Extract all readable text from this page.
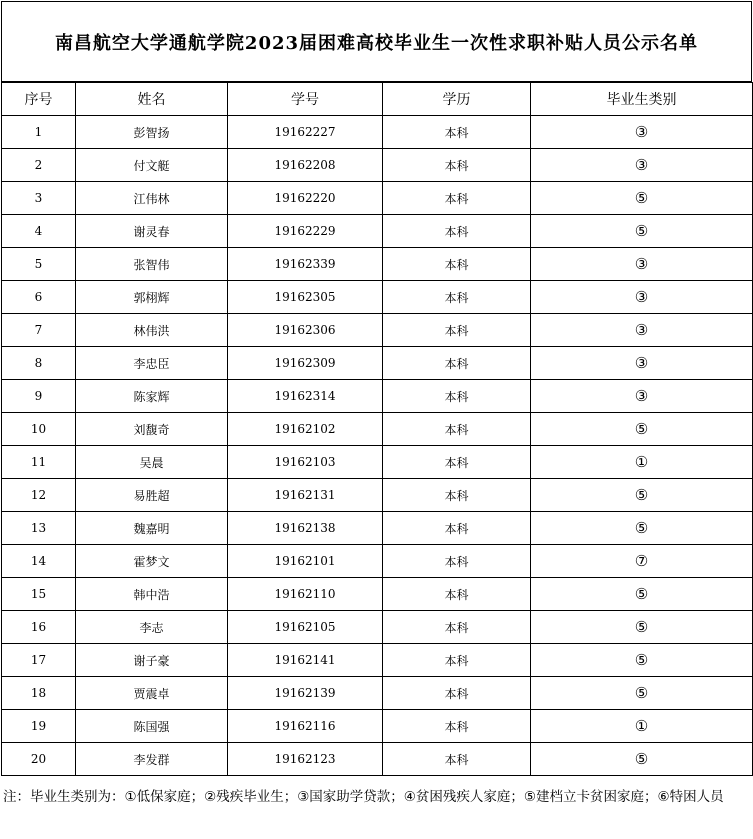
南昌航空大学通航学院2023届困难高校毕业生一次性求职补贴人员公示名单
序号	姓名	学号	学历	毕业生类别
1	彭智扬	19162227	本科	③
2	付文艇	19162208	本科	③
3	江伟林	19162220	本科	⑤
4	谢灵春	19162229	本科	⑤
5	张智伟	19162339	本科	③
6	郭栩辉	19162305	本科	③
7	林伟洪	19162306	本科	③
8	李忠臣	19162309	本科	③
9	陈家辉	19162314	本科	③
10	刘馥奇	19162102	本科	⑤
11	吴晨	19162103	本科	①
12	易胜超	19162131	本科	⑤
13	魏嘉明	19162138	本科	⑤
14	霍梦文	19162101	本科	⑦
15	韩中浩	19162110	本科	⑤
16	李志	19162105	本科	⑤
17	谢子豪	19162141	本科	⑤
18	贾震卓	19162139	本科	⑤
19	陈国强	19162116	本科	①
20	李发群	19162123	本科	⑤
注：毕业生类别为：①低保家庭；②残疾毕业生；③国家助学贷款；④贫困残疾人家庭；⑤建档立卡贫困家庭；⑥特困人员
